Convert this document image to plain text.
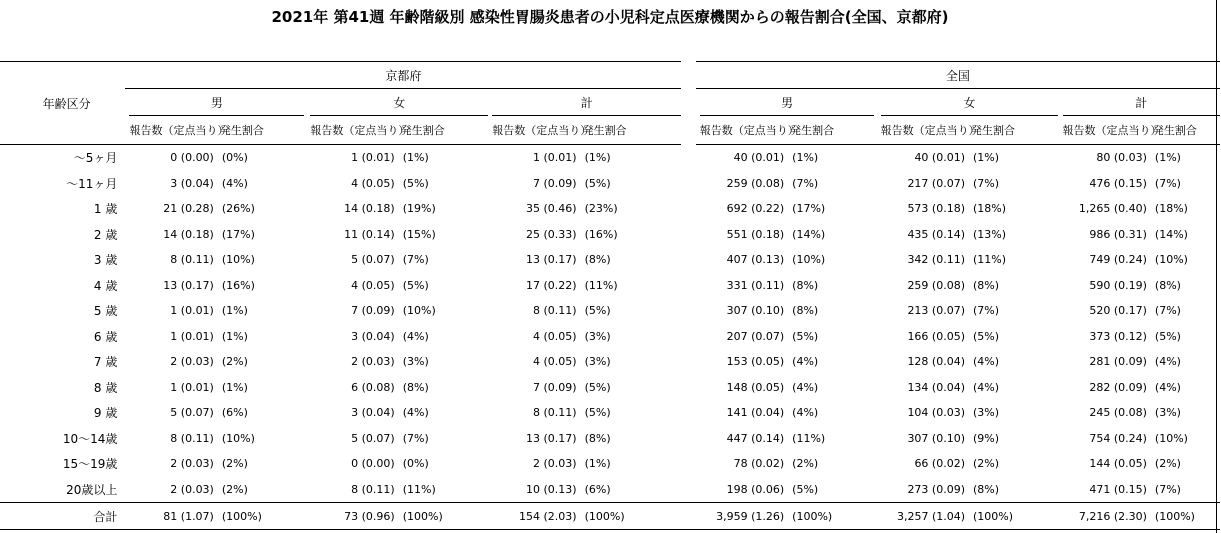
2021年 第41週 年齢階級別 感染性胃腸炎患者の小児科定点医療機関からの報告割合(全国、京都府)
年齢区分	京都府										全国								
		男			女			計				男			女			計	
		報告数（定点当り）	発生割合		報告数（定点当り）	発生割合		報告数（定点当り）	発生割合			報告数（定点当り）	発生割合		報告数（定点当り）	発生割合		報告数（定点当り）	発生割合
～5ヶ月		0 (0.00)	(0%)		1 (0.01)	(1%)		1 (0.01)	(1%)			40 (0.01)	(1%)		40 (0.01)	(1%)		80 (0.03)	(1%)
～11ヶ月		3 (0.04)	(4%)		4 (0.05)	(5%)		7 (0.09)	(5%)			259 (0.08)	(7%)		217 (0.07)	(7%)		476 (0.15)	(7%)
1 歳		21 (0.28)	(26%)		14 (0.18)	(19%)		35 (0.46)	(23%)			692 (0.22)	(17%)		573 (0.18)	(18%)		1,265 (0.40)	(18%)
2 歳		14 (0.18)	(17%)		11 (0.14)	(15%)		25 (0.33)	(16%)			551 (0.18)	(14%)		435 (0.14)	(13%)		986 (0.31)	(14%)
3 歳		8 (0.11)	(10%)		5 (0.07)	(7%)		13 (0.17)	(8%)			407 (0.13)	(10%)		342 (0.11)	(11%)		749 (0.24)	(10%)
4 歳		13 (0.17)	(16%)		4 (0.05)	(5%)		17 (0.22)	(11%)			331 (0.11)	(8%)		259 (0.08)	(8%)		590 (0.19)	(8%)
5 歳		1 (0.01)	(1%)		7 (0.09)	(10%)		8 (0.11)	(5%)			307 (0.10)	(8%)		213 (0.07)	(7%)		520 (0.17)	(7%)
6 歳		1 (0.01)	(1%)		3 (0.04)	(4%)		4 (0.05)	(3%)			207 (0.07)	(5%)		166 (0.05)	(5%)		373 (0.12)	(5%)
7 歳		2 (0.03)	(2%)		2 (0.03)	(3%)		4 (0.05)	(3%)			153 (0.05)	(4%)		128 (0.04)	(4%)		281 (0.09)	(4%)
8 歳		1 (0.01)	(1%)		6 (0.08)	(8%)		7 (0.09)	(5%)			148 (0.05)	(4%)		134 (0.04)	(4%)		282 (0.09)	(4%)
9 歳		5 (0.07)	(6%)		3 (0.04)	(4%)		8 (0.11)	(5%)			141 (0.04)	(4%)		104 (0.03)	(3%)		245 (0.08)	(3%)
10～14歳		8 (0.11)	(10%)		5 (0.07)	(7%)		13 (0.17)	(8%)			447 (0.14)	(11%)		307 (0.10)	(9%)		754 (0.24)	(10%)
15～19歳		2 (0.03)	(2%)		0 (0.00)	(0%)		2 (0.03)	(1%)			78 (0.02)	(2%)		66 (0.02)	(2%)		144 (0.05)	(2%)
20歳以上		2 (0.03)	(2%)		8 (0.11)	(11%)		10 (0.13)	(6%)			198 (0.06)	(5%)		273 (0.09)	(8%)		471 (0.15)	(7%)
合計		81 (1.07)	(100%)		73 (0.96)	(100%)		154 (2.03)	(100%)			3,959 (1.26)	(100%)		3,257 (1.04)	(100%)		7,216 (2.30)	(100%)
